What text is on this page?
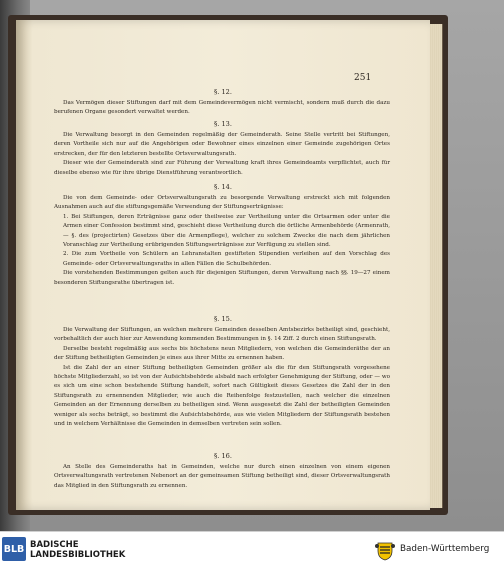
251
§. 12.

Das Vermögen dieser Stiftungen darf mit dem Gemeindevermögen nicht vermischt, sondern muß durch die dazu berufenen Organe gesondert verwaltet werden.

§. 13.

Die Verwaltung besorgt in den Gemeinden regelmäßig der Gemeinderath. Seine Stelle vertritt bei Stiftungen, deren Vortheile sich nur auf die Angehörigen oder Bewohner eines einzelnen einer Gemeinde zugehörigen Ortes erstrecken, der für den letzteren bestellte Ortsverwaltungsrath.

Dieser wie der Gemeinderath sind zur Führung der Verwaltung kraft ihres Gemeindeamts verpflichtet, auch für dieselbe ebenso wie für ihre übrige Dienstführung verantwortlich.

§. 14.

Die von dem Gemeinde- oder Ortsverwaltungsrath zu besorgende Verwaltung erstreckt sich mit folgenden Ausnahmen auch auf die stiftungsgemäße Verwendung der Stiftungserträgnisse:

1. Bei Stiftungen, deren Erträgnisse ganz oder theilweise zur Vertheilung unter die Ortsarmen oder unter die Armen einer Confession bestimmt sind, geschieht diese Vertheilung durch die örtliche Armenbehörde (Armenrath, — §. des (projectirten) Gesetzes über die Armenpflege), welcher zu solchem Zwecke die nach dem jährlichen Voranschlag zur Vertheilung erübrigenden Stiftungserträgnisse zur Verfügung zu stellen sind.

2. Die zum Vortheile von Schülern an Lehranstalten gestifteten Stipendien verleihen auf den Vorschlag des Gemeinde- oder Ortsverwaltungsraths in allen Fällen die Schulbehörden.

Die vorstehenden Bestimmungen gelten auch für diejenigen Stiftungen, deren Verwaltung nach §§. 19—27 einem besonderen Stiftungsrathe übertragen ist.

§. 15.

Die Verwaltung der Stiftungen, an welchen mehrere Gemeinden desselben Amtsbezirks betheiligt sind, geschieht, vorbehaltlich der auch hier zur Anwendung kommenden Bestimmungen in §. 14 Ziff. 2 durch einen Stiftungsrath.

Derselbe besteht regelmäßig aus sechs bis höchstens neun Mitgliedern, von welchen die Gemeinderäthe der an der Stiftung betheiligten Gemeinden je eines aus ihrer Mitte zu ernennen haben.

Ist die Zahl der an einer Stiftung betheiligten Gemeinden größer als die für den Stiftungsrath vorgesehene höchste Mitgliederzahl, so ist von der Aufsichtsbehörde alsbald nach erfolgter Genehmigung der Stiftung, oder — wo es sich um eine schon bestehende Stiftung handelt, sofort nach Gültigkeit dieses Gesetzes die Zahl der in den Stiftungsrath zu ernennenden Mitglieder, wie auch die Reihenfolge festzustellen, nach welcher die einzelnen Gemeinden an der Ernennung derselben zu betheiligen sind. Wenn ausgesetzt die Zahl der betheiligten Gemeinden weniger als sechs beträgt, so bestimmt die Aufsichtsbehörde, aus wie vielen Mitgliedern der Stiftungsrath bestehen und in welchem Verhältnisse die Gemeinden in demselben vertreten sein sollen.

§. 16.

An Stelle des Gemeinderaths hat in Gemeinden, welche nur durch einen einzelnen von einem eigenen Ortsverwaltungsrath vertretenen Nebenort an der gemeinsamen Stiftung betheiligt sind, dieser Ortsverwaltungsrath das Mitglied in den Stiftungsrath zu ernennen.

BLB BADISCHE
LANDESBIBLIOTHEK
Baden-Württemberg
